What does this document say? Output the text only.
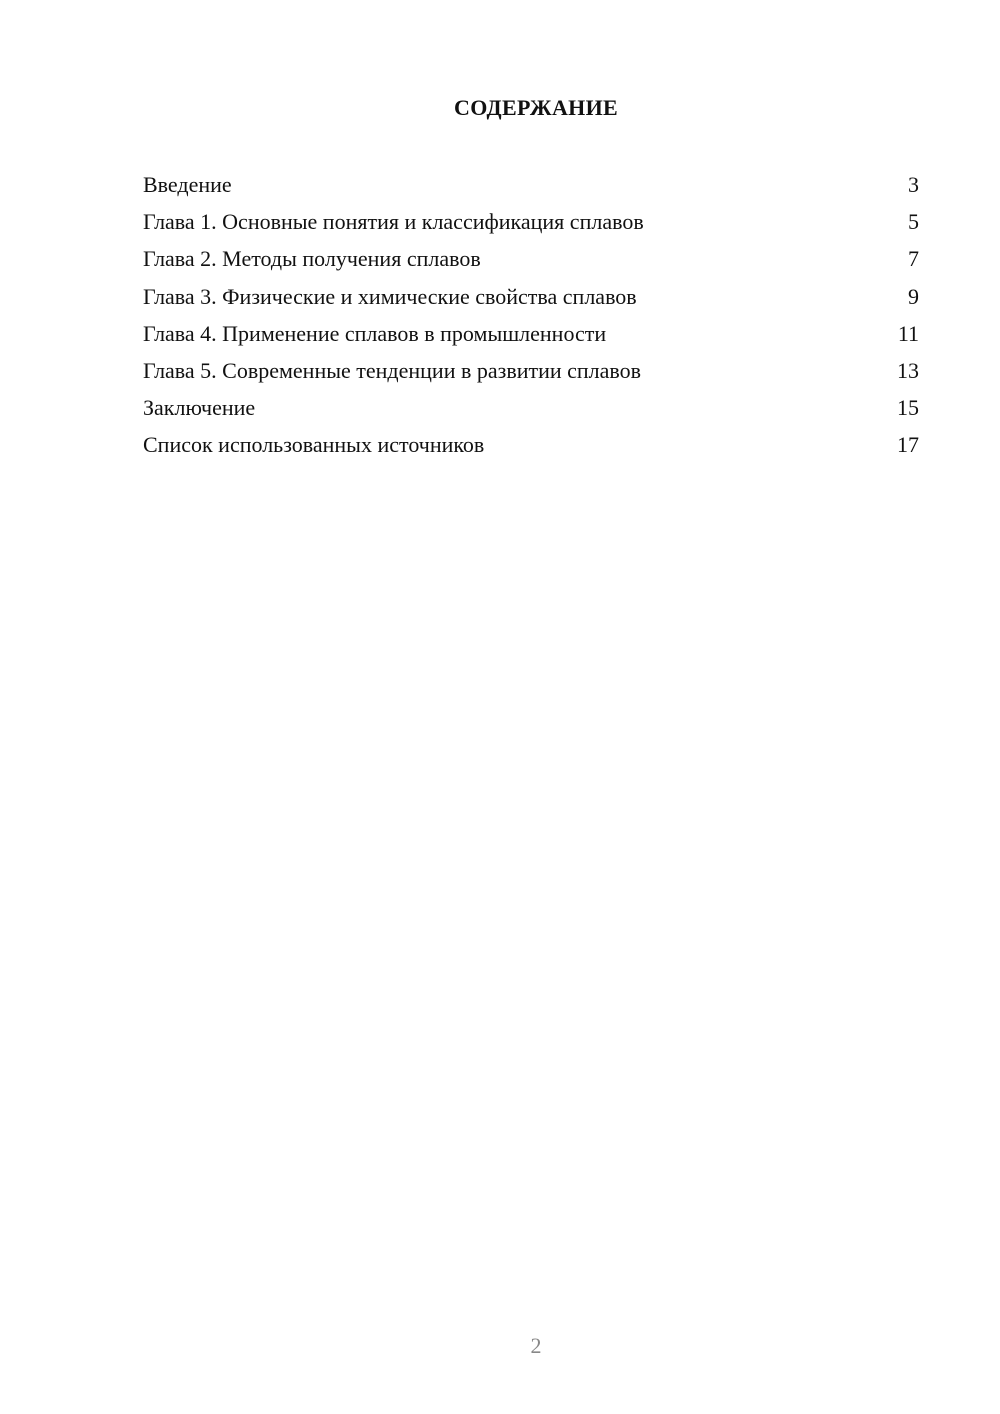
СОДЕРЖАНИЕ
Введение	3
Глава 1. Основные понятия и классификация сплавов	5
Глава 2. Методы получения сплавов	7
Глава 3. Физические и химические свойства сплавов	9
Глава 4. Применение сплавов в промышленности	11
Глава 5. Современные тенденции в развитии сплавов	13
Заключение	15
Список использованных источников	17
2
